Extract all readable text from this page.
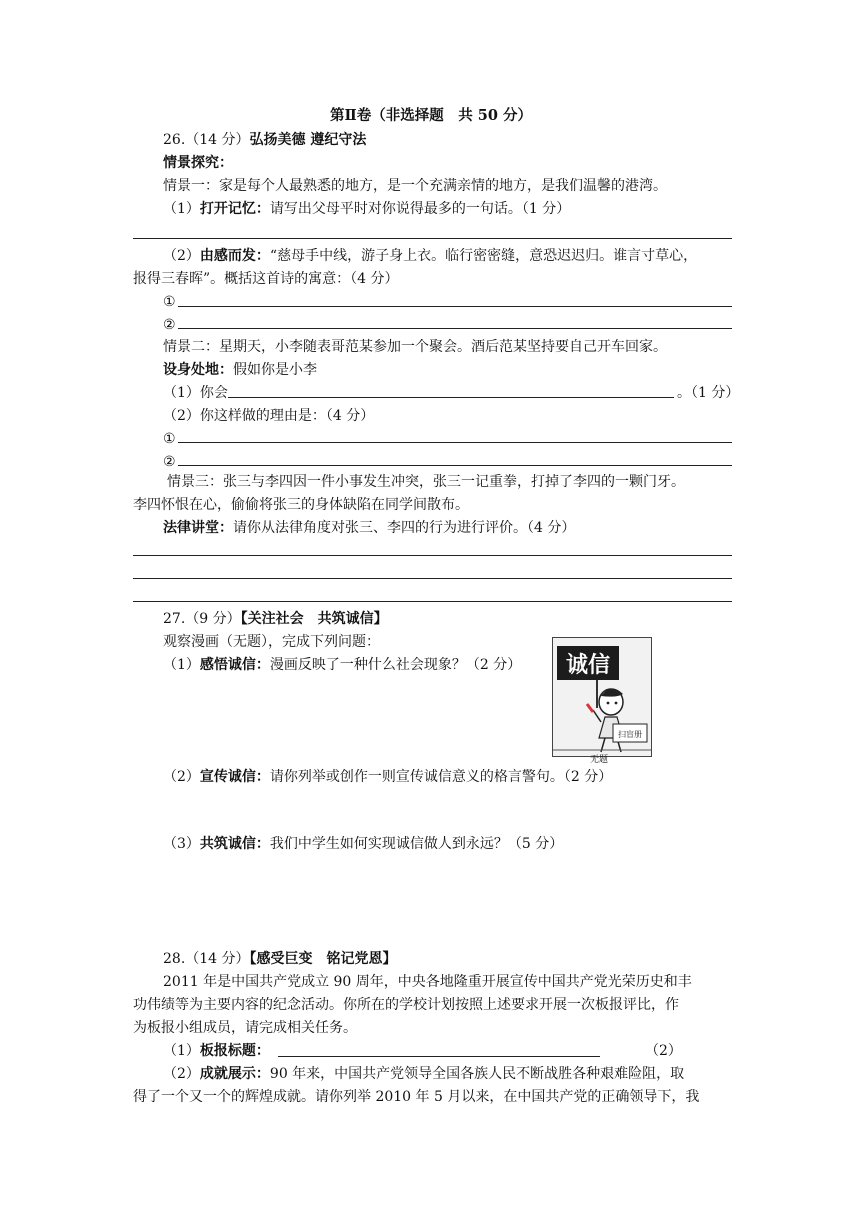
第Ⅱ卷（非选择题　共 50 分）
26.（14 分）弘扬美德 遵纪守法
情景探究：
情景一：家是每个人最熟悉的地方，是一个充满亲情的地方，是我们温馨的港湾。
（1）打开记忆：请写出父母平时对你说得最多的一句话。（1 分）
（2）由感而发：“慈母手中线，游子身上衣。临行密密缝，意恐迟迟归。谁言寸草心，
报得三春晖”。概括这首诗的寓意：（4 分）
①
②
情景二：星期天，小李随表哥范某参加一个聚会。酒后范某坚持要自己开车回家。
设身处地：假如你是小李
（1）你会	。（1 分）
（2）你这样做的理由是：（4 分）
①
②
情景三：张三与李四因一件小事发生冲突，张三一记重拳，打掉了李四的一颗门牙。
李四怀恨在心，偷偷将张三的身体缺陷在同学间散布。
法律讲堂：请你从法律角度对张三、李四的行为进行评价。（4 分）
27.（9 分）【关注社会　共筑诚信】
观察漫画（无题），完成下列问题：
（1）感悟诚信：漫画反映了一种什么社会现象？（2 分） 诚信
扫盲册
无题
（2）宣传诚信：请你列举或创作一则宣传诚信意义的格言警句。（2 分）
（3）共筑诚信：我们中学生如何实现诚信做人到永远？（5 分）
28.（14 分）【感受巨变　铭记党恩】
2011 年是中国共产党成立 90 周年，中央各地隆重开展宣传中国共产党光荣历史和丰
功伟绩等为主要内容的纪念活动。你所在的学校计划按照上述要求开展一次板报评比，作
为板报小组成员，请完成相关任务。
（1）板报标题：	（2）
（2）成就展示：90 年来，中国共产党领导全国各族人民不断战胜各种艰难险阻，取
得了一个又一个的辉煌成就。请你列举 2010 年 5 月以来，在中国共产党的正确领导下，我
